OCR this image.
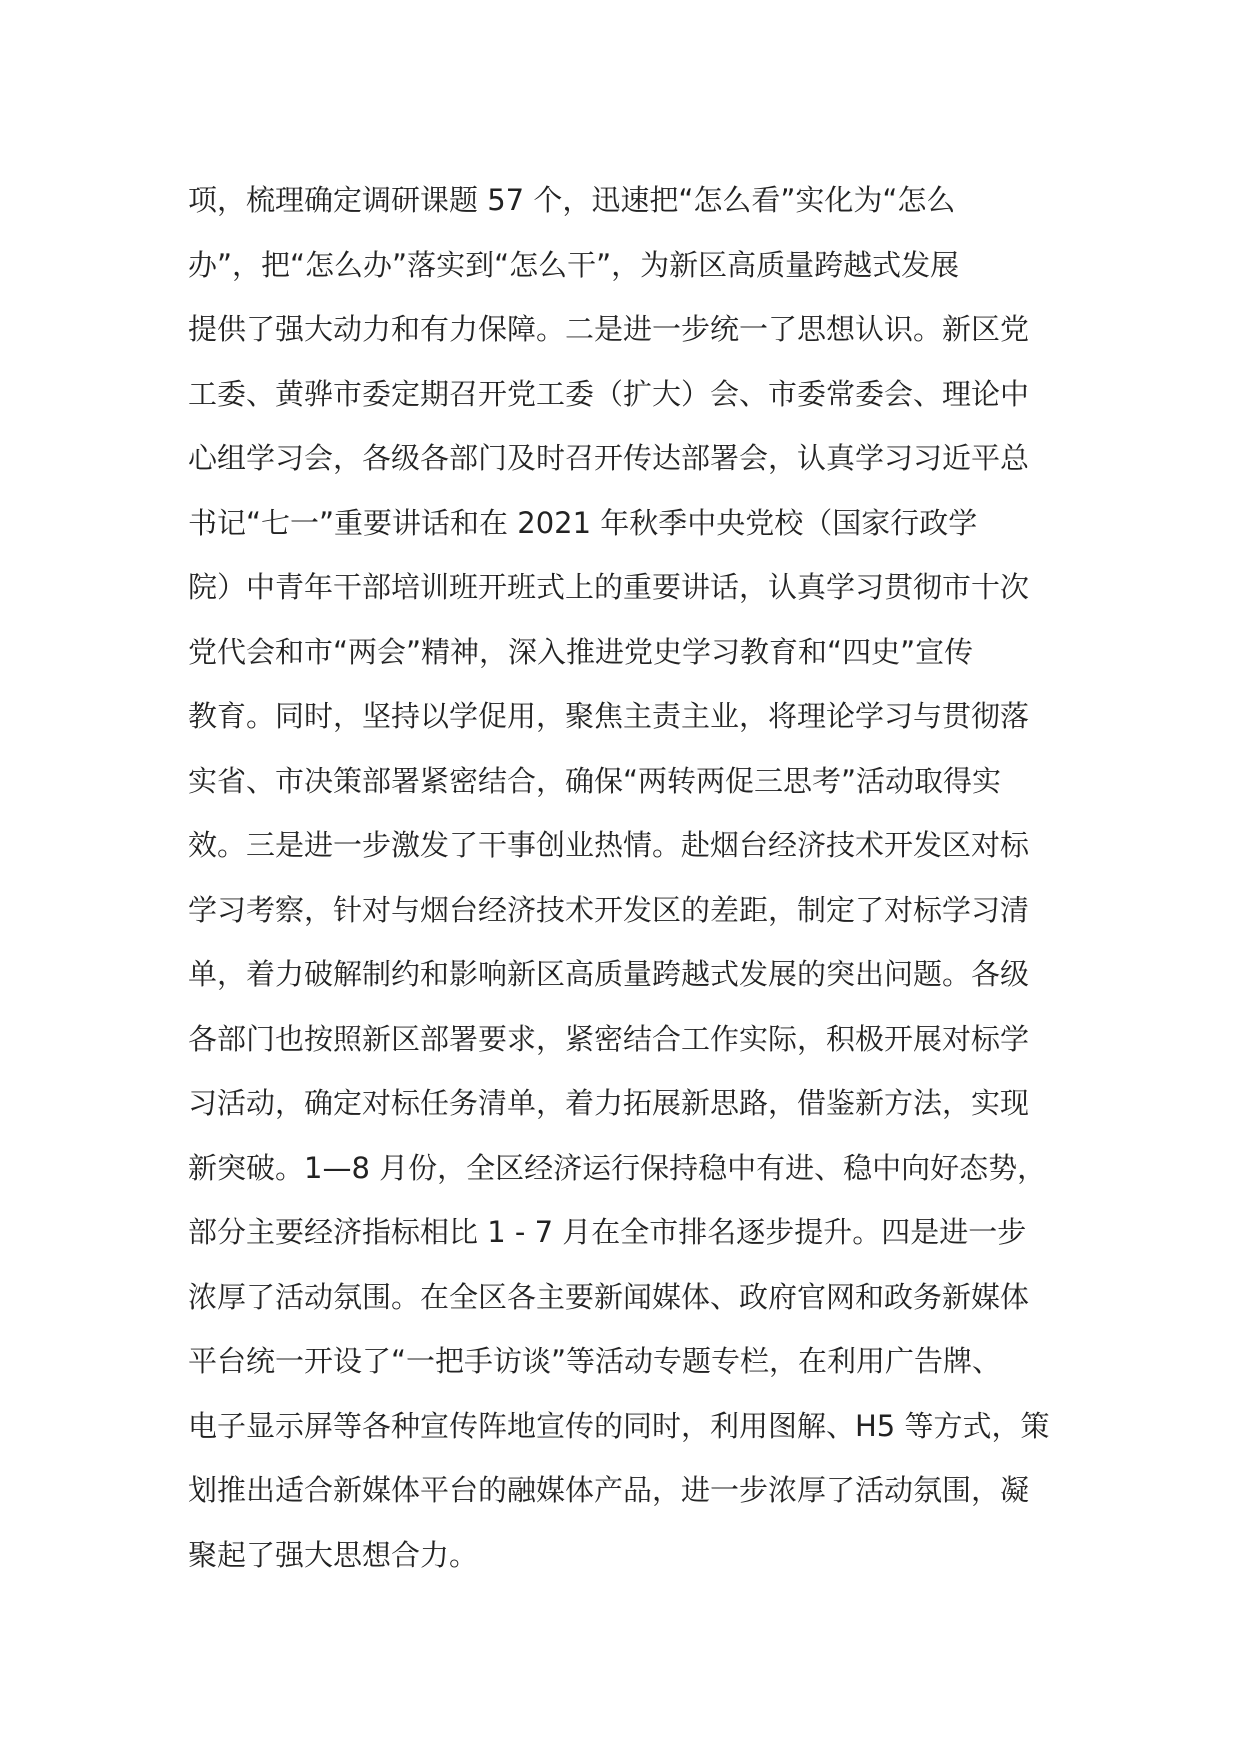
项，梳理确定调研课题 57 个，迅速把“怎么看”实化为“怎么
办”，把“怎么办”落实到“怎么干”，为新区高质量跨越式发展
提供了强大动力和有力保障。二是进一步统一了思想认识。新区党
工委、黄骅市委定期召开党工委（扩大）会、市委常委会、理论中
心组学习会，各级各部门及时召开传达部署会，认真学习习近平总
书记“七一”重要讲话和在 2021 年秋季中央党校（国家行政学
院）中青年干部培训班开班式上的重要讲话，认真学习贯彻市十次
党代会和市“两会”精神，深入推进党史学习教育和“四史”宣传
教育。同时，坚持以学促用，聚焦主责主业，将理论学习与贯彻落
实省、市决策部署紧密结合，确保“两转两促三思考”活动取得实
效。三是进一步激发了干事创业热情。赴烟台经济技术开发区对标
学习考察，针对与烟台经济技术开发区的差距，制定了对标学习清
单，着力破解制约和影响新区高质量跨越式发展的突出问题。各级
各部门也按照新区部署要求，紧密结合工作实际，积极开展对标学
习活动，确定对标任务清单，着力拓展新思路，借鉴新方法，实现
新突破。1—8 月份，全区经济运行保持稳中有进、稳中向好态势，
部分主要经济指标相比 1 - 7 月在全市排名逐步提升。四是进一步
浓厚了活动氛围。在全区各主要新闻媒体、政府官网和政务新媒体
平台统一开设了“一把手访谈”等活动专题专栏，在利用广告牌、
电子显示屏等各种宣传阵地宣传的同时，利用图解、H5 等方式，策
划推出适合新媒体平台的融媒体产品，进一步浓厚了活动氛围，凝
聚起了强大思想合力。
